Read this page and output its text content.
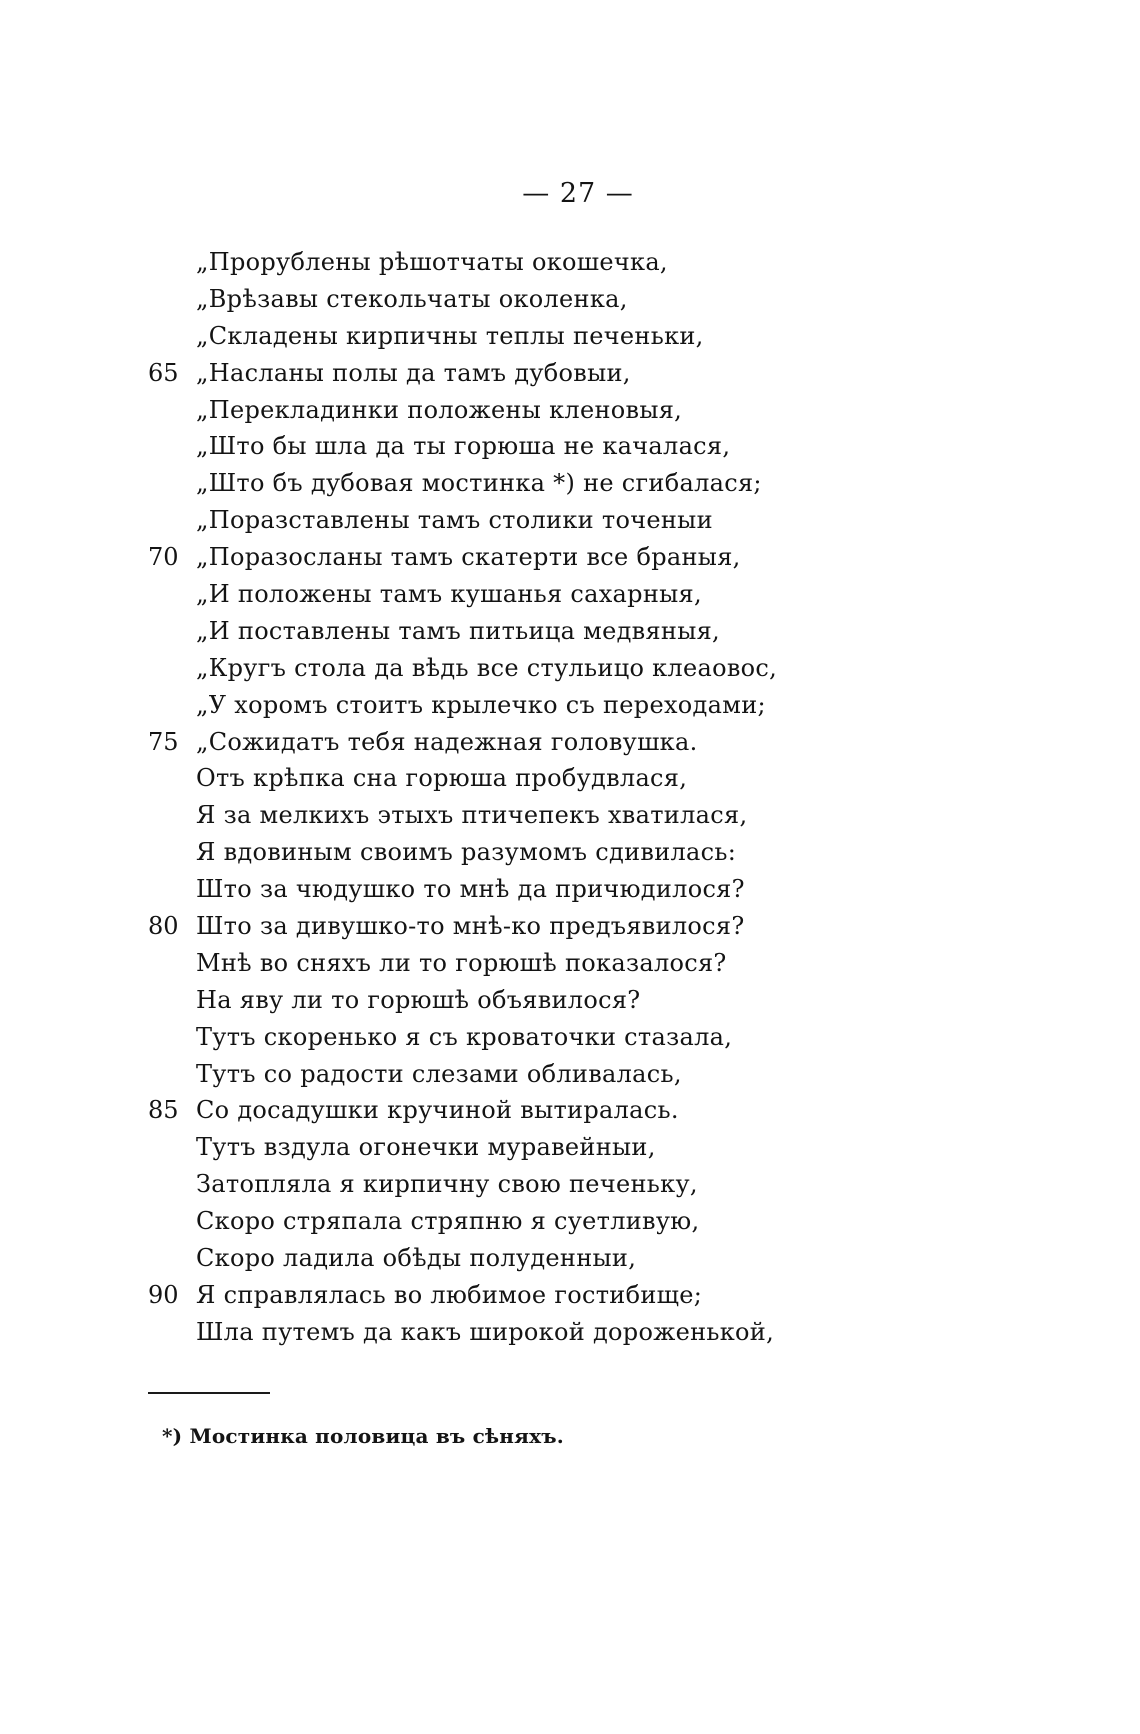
— 27 —
„Прорублены рѣшотчаты окошечка,
„Врѣзавы стекольчаты околенка,
„Складены кирпичны теплы печеньки,
65 „Насланы полы да тамъ дубовыи,
„Перекладинки положены кленовыя,
„Што бы шла да ты горюша не качалася,
„Што бъ дубовая мостинка *) не сгибалася;
„Поразставлены тамъ столики точеныи
70 „Поразосланы тамъ скатерти все браныя,
„И положены тамъ кушанья сахарныя,
„И поставлены тамъ питьица медвяныя,
„Кругъ стола да вѣдь все стульицо клеаовос,
„У хоромъ стоитъ крылечко съ переходами;
75 „Сожидатъ тебя надежная головушка.
Отъ крѣпка сна горюша пробудвлася,
Я за мелкихъ этыхъ птичепекъ хватилася,
Я вдовиным своимъ разумомъ сдивилась:
Што за чюдушко то мнѣ да причюдилося?
80 Што за дивушко-то мнѣ-ко предъявилося?
Мнѣ во сняхъ ли то горюшѣ показалося?
На яву ли то горюшѣ объявилося?
Тутъ скоренько я съ кроваточки стазала,
Тутъ со радости слезами обливалась,
85 Со досадушки кручиной вытиралась.
Тутъ вздула огонечки муравейныи,
Затопляла я кирпичну свою печеньку,
Скоро стряпала стряпню я суетливую,
Скоро ладила обѣды полуденныи,
90 Я справлялась во любимое гостибище;
Шла путемъ да какъ широкой дороженькой,
*) Мостинка половица въ сѣняхъ.
